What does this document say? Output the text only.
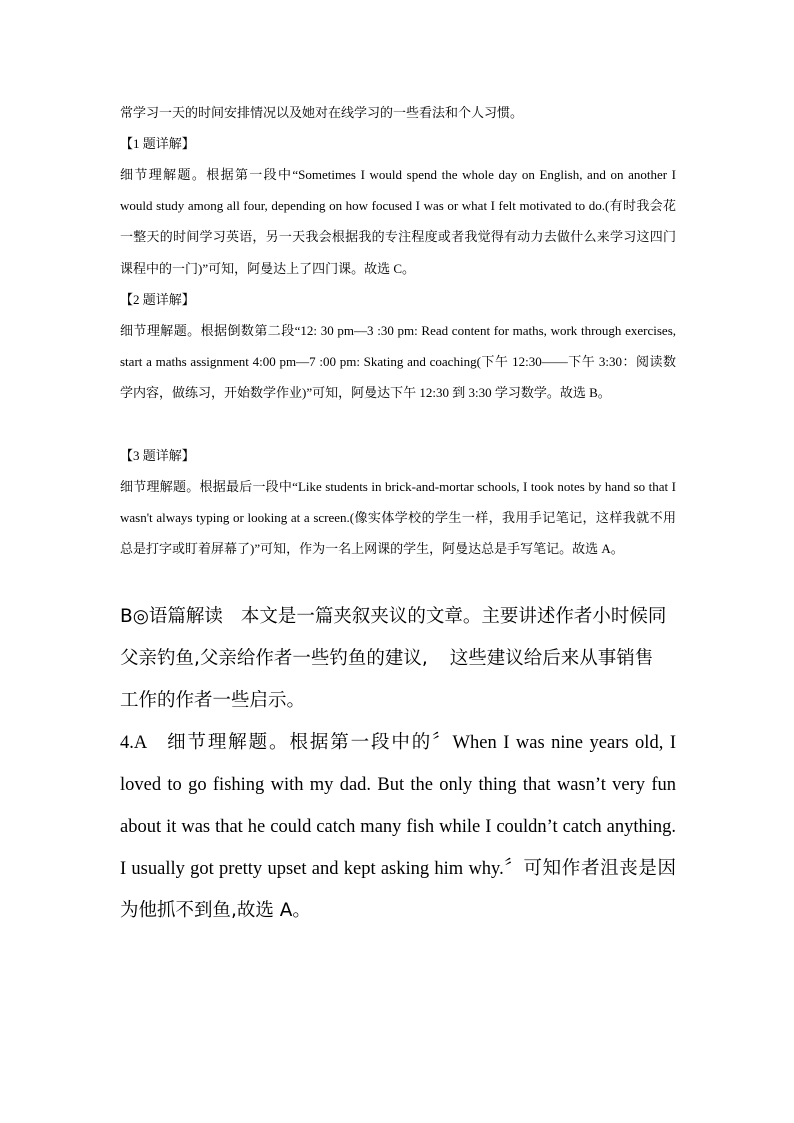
常学习一天的时间安排情况以及她对在线学习的一些看法和个人习惯。

【1 题详解】

细节理解题。根据第一段中“Sometimes I would spend the whole day on English, and on another I would study among all four, depending on how focused I was or what I felt motivated to do.(有时我会花一整天的时间学习英语，另一天我会根据我的专注程度或者我觉得有动力去做什么来学习这四门课程中的一门)”可知，阿曼达上了四门课。故选 C。

【2 题详解】

细节理解题。根据倒数第二段“12: 30 pm—3 :30 pm: Read content for maths, work through exercises, start a maths assignment 4:00 pm—7 :00 pm: Skating and coaching(下午 12:30——下午 3:30：阅读数学内容，做练习，开始数学作业)”可知，阿曼达下午 12:30 到 3:30 学习数学。故选 B。

【3 题详解】

细节理解题。根据最后一段中“Like students in brick-and-mortar schools, I took notes by hand so that I wasn't always typing or looking at a screen.(像实体学校的学生一样，我用手记笔记，这样我就不用总是打字或盯着屏幕了)”可知，作为一名上网课的学生，阿曼达总是手写笔记。故选 A。

B◎语篇解读 本文是一篇夹叙夹议的文章。主要讲述作者小时候同
父亲钓鱼,父亲给作者一些钓鱼的建议, 这些建议给后来从事销售
工作的作者一些启示。

4.A 细节理解题。根据第一段中的〞When I was nine years old, I loved to go fishing with my dad. But the only thing that wasn’t very fun about it was that he could catch many fish while I couldn’t catch anything. I usually got pretty upset and kept asking him why.〞可知作者沮丧是因为他抓不到鱼,故选 A。
